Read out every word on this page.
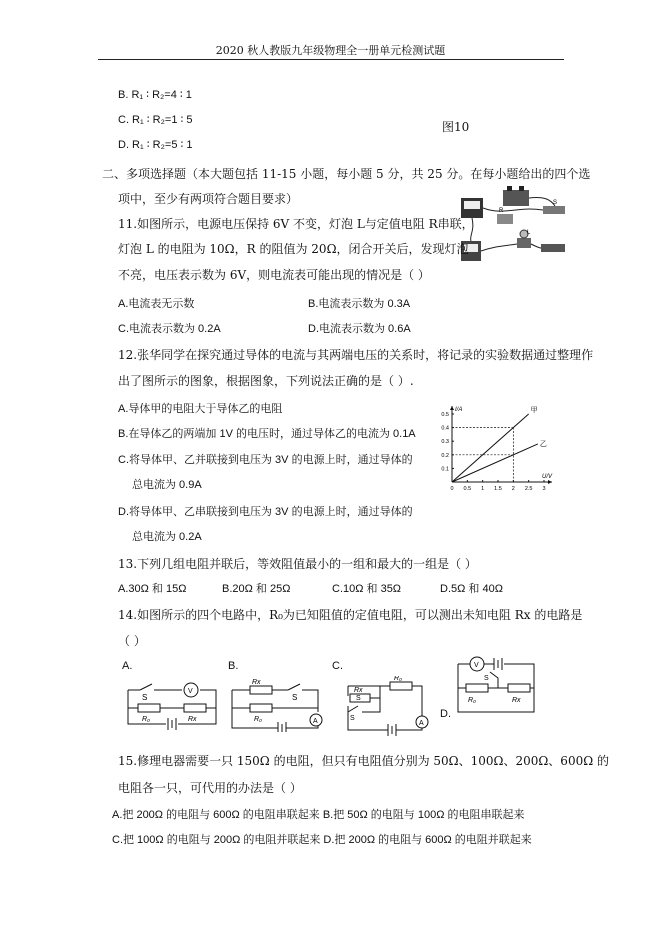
2020 秋人教版九年级物理全一册单元检测试题
B. R₁ ∶ R₂=4 ∶ 1
C. R₁ ∶ R₂=1 ∶ 5
D. R₁ ∶ R₂=5 ∶ 1
图10
二、多项选择题（本大题包括 11-15 小题，每小题 5 分，共 25 分。在每小题给出的四个选
项中，至少有两项符合题目要求）
R
S
L
11.如图所示，电源电压保持 6V 不变，灯泡 L与定值电阻 R串联，
灯泡 L 的电阻为 10Ω，R 的阻值为 20Ω，闭合开关后，发现灯泡
不亮，电压表示数为 6V，则电流表可能出现的情况是（ ）
A.电流表无示数	B.电流表示数为 0.3A
C.电流表示数为 0.2A	D.电流表示数为 0.6A
12.张华同学在探究通过导体的电流与其两端电压的关系时，将记录的实验数据通过整理作
出了图所示的图象，根据图象，下列说法正确的是（ ）.
A.导体甲的电阻大于导体乙的电阻
B.在导体乙的两端加 1V 的电压时，通过导体乙的电流为 0.1A
C.将导体甲、乙并联接到电压为 3V 的电源上时，通过导体的
总电流为 0.9A
D.将导体甲、乙串联接到电压为 3V 的电源上时，通过导体的
总电流为 0.2A
0 0.5 1 1.5 2 2.5 3
0.1
0.2
0.3
0.4
0.5
甲
乙
U/V
I/A
13.下列几组电阻并联后，等效阻值最小的一组和最大的一组是（ ）
A.30Ω 和 15Ω	B.20Ω 和 25Ω	C.10Ω 和 35Ω	D.5Ω 和 40Ω
14.如图所示的四个电路中，R₀为已知阻值的定值电阻，可以测出未知电阻 Rx 的电路是
（ ）
A.	B.	C.
D.
S
V
R₀	Rx
Rx
S
R₀	A
R₀
Rx
S
S
A
V
S
R₀	Rx
15.修理电器需要一只 150Ω 的电阻，但只有电阻值分别为 50Ω、100Ω、200Ω、600Ω 的
电阻各一只，可代用的办法是（ ）
A.把 200Ω 的电阻与 600Ω 的电阻串联起来 B.把 50Ω 的电阻与 100Ω 的电阻串联起来
C.把 100Ω 的电阻与 200Ω 的电阻并联起来 D.把 200Ω 的电阻与 600Ω 的电阻并联起来
